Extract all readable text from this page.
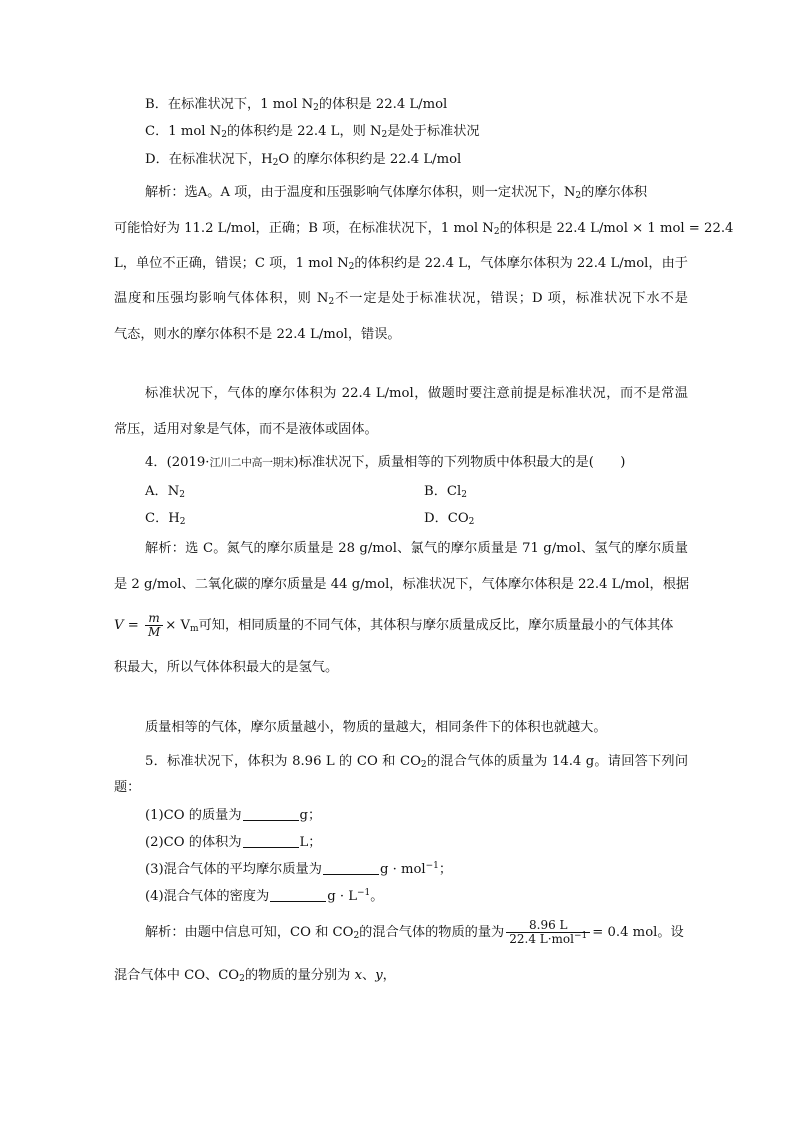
B．在标准状况下，1 mol $N_2$的体积是 22.4 L/mol
C．1 mol $N_2$的体积约是 22.4 L，则 $N_2$是处于标准状况
D．在标准状况下，$H_2O$ 的摩尔体积约是 22.4 L/mol
解析：选A。A 项，由于温度和压强影响气体摩尔体积，则一定状况下，$N_2$的摩尔体积
可能恰好为 11.2 L/mol，正确；B 项，在标准状况下，1 mol $N_2$的体积是 22.4 L/mol × 1 mol = 22.4
L，单位不正确，错误；C 项，1 mol $N_2$的体积约是 22.4 L，气体摩尔体积为 22.4 L/mol，由于
温度和压强均影响气体体积，则 $N_2$不一定是处于标准状况，错误；D 项，标准状况下水不是
气态，则水的摩尔体积不是 22.4 L/mol，错误。
标准状况下，气体的摩尔体积为 22.4 L/mol，做题时要注意前提是标准状况，而不是常温
常压，适用对象是气体，而不是液体或固体。
4．(2019·江川二中高一期末)标准状况下，质量相等的下列物质中体积最大的是(　　)
A．$N_2$	B．$Cl_2$
C．$H_2$	D．$CO_2$
解析：选 C。氮气的摩尔质量是 28 g/mol、氯气的摩尔质量是 71 g/mol、氢气的摩尔质量
是 2 g/mol、二氧化碳的摩尔质量是 44 g/mol，标准状况下，气体摩尔体积是 22.4 L/mol，根据
$V = \frac{m}{M} \times V_m$可知，相同质量的不同气体，其体积与摩尔质量成反比，摩尔质量最小的气体其体
积最大，所以气体体积最大的是氢气。
质量相等的气体，摩尔质量越小，物质的量越大，相同条件下的体积也就越大。
5．标准状况下，体积为 8.96 L 的 CO 和 $CO_2$的混合气体的质量为 14.4 g。请回答下列问
题：
(1)CO 的质量为	g；
(2)CO 的体积为	L；
(3)混合气体的平均摩尔质量为	g · mol$^{-1}$；
(4)混合气体的密度为	$g \cdot L^{-1}$。
解析：由题中信息可知，CO 和 $CO_2$的混合气体的物质的量为 $\frac{8.96 L}{22.4 L\cdot mol^{-1}} = 0.4$ mol。设
混合气体中 CO、$CO_2$的物质的量分别为 x、y，
